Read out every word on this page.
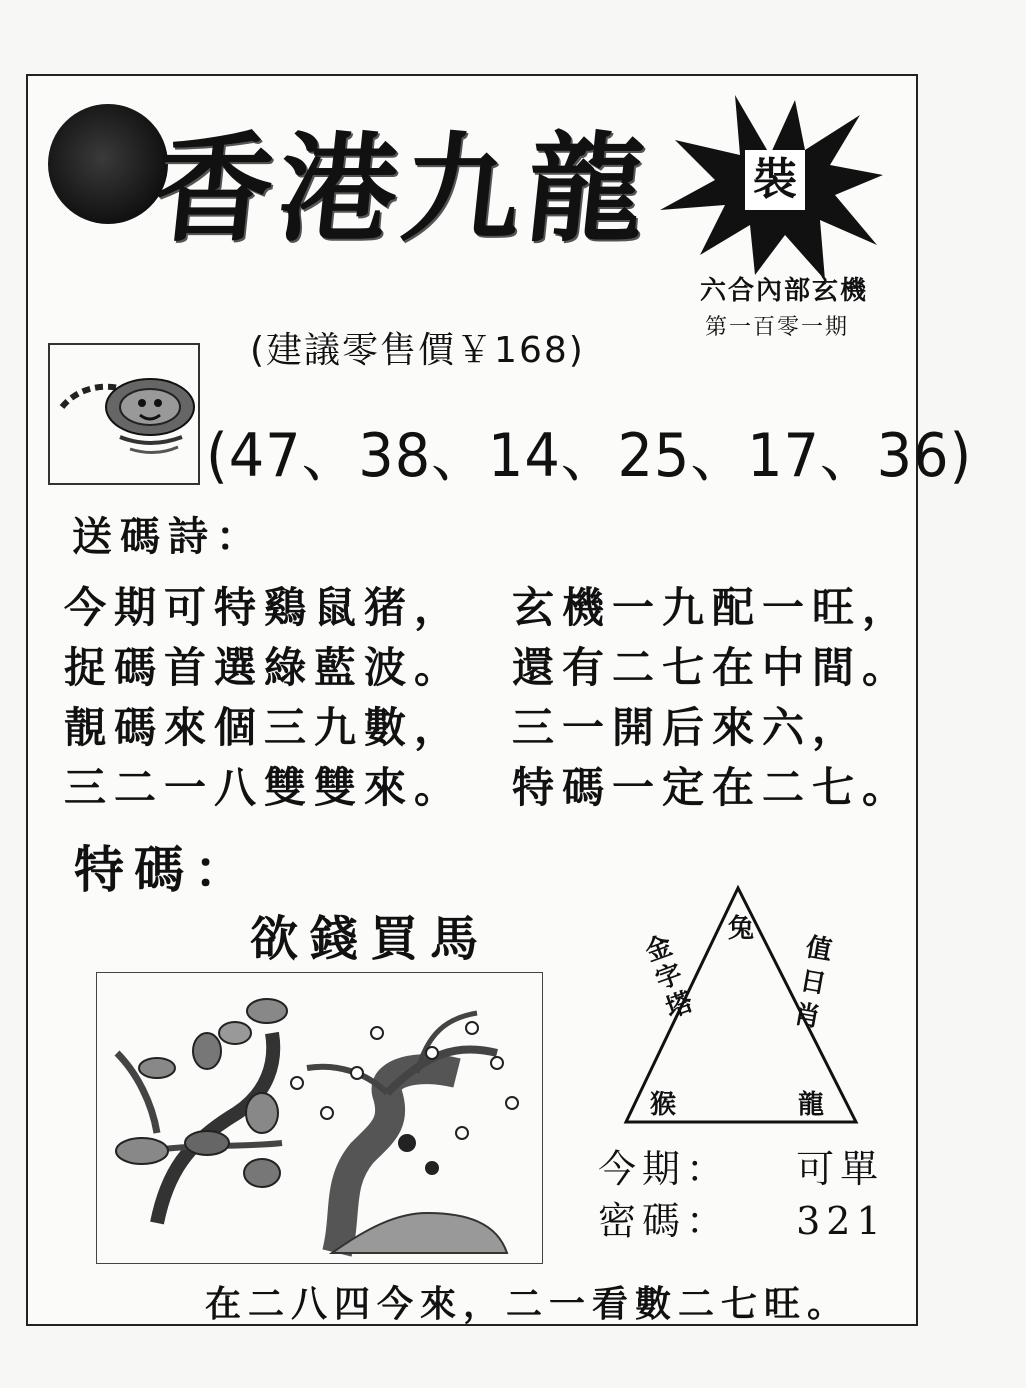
香港九龍 裝
六合內部玄機
第一百零一期
(建議零售價￥168)
(47、38、14、25、17、36)
送碼詩：
今期可特鷄鼠猪，
捉碼首選綠藍波。
靚碼來個三九數，
三二一八雙雙來。
玄機一九配一旺，
還有二七在中間。
三一開后來六，
特碼一定在二七。
特碼：
欲錢買馬	兔
金字塔
值日肖
猴	龍
今期： 可單
密碼： 321
在二八四今來，二一看數二七旺。
